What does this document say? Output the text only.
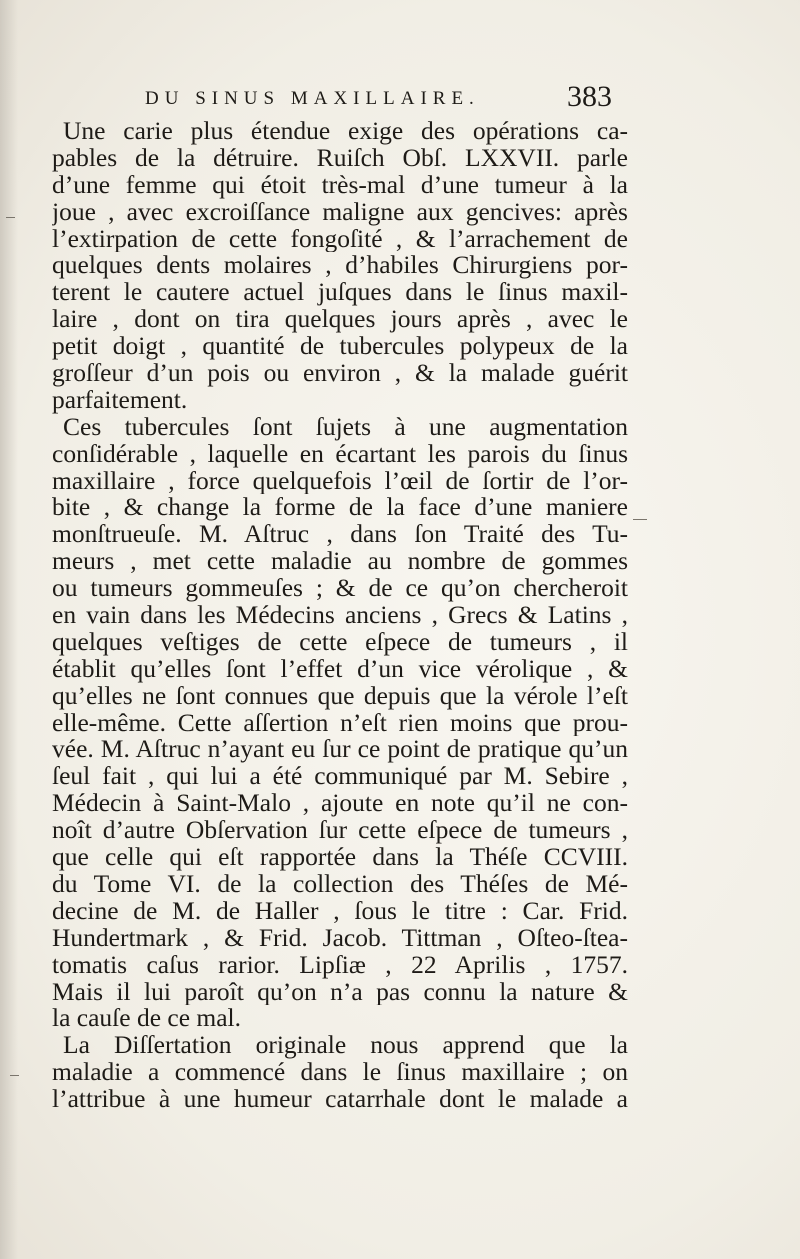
DU SINUS MAXILLAIRE.	383
Une carie plus étendue exige des opérations ca-
pables de la détruire. Ruiſch Obſ. LXXVII. parle
d’une femme qui étoit très-mal d’une tumeur à la
joue , avec excroiſſance maligne aux gencives: après
l’extirpation de cette fongoſité , & l’arrachement de
quelques dents molaires , d’habiles Chirurgiens por-
terent le cautere actuel juſques dans le ſinus maxil-
laire , dont on tira quelques jours après , avec le
petit doigt , quantité de tubercules polypeux de la
groſſeur d’un pois ou environ , & la malade guérit
parfaitement.
Ces tubercules ſont ſujets à une augmentation
conſidérable , laquelle en écartant les parois du ſinus
maxillaire , force quelquefois l’œil de ſortir de l’or-
bite , & change la forme de la face d’une maniere
monſtrueuſe. M. Aſtruc , dans ſon Traité des Tu-
meurs , met cette maladie au nombre de gommes
ou tumeurs gommeuſes ; & de ce qu’on chercheroit
en vain dans les Médecins anciens , Grecs & Latins ,
quelques veſtiges de cette eſpece de tumeurs , il
établit qu’elles ſont l’effet d’un vice vérolique , &
qu’elles ne ſont connues que depuis que la vérole l’eſt
elle-même. Cette aſſertion n’eſt rien moins que prou-
vée. M. Aſtruc n’ayant eu ſur ce point de pratique qu’un
ſeul fait , qui lui a été communiqué par M. Sebire ,
Médecin à Saint-Malo , ajoute en note qu’il ne con-
noît d’autre Obſervation ſur cette eſpece de tumeurs ,
que celle qui eſt rapportée dans la Théſe CCVIII.
du Tome VI. de la collection des Théſes de Mé-
decine de M. de Haller , ſous le titre : Car. Frid.
Hundertmark , & Frid. Jacob. Tittman , Oſteo-ſtea-
tomatis caſus rarior. Lipſiæ , 22 Aprilis , 1757.
Mais il lui paroît qu’on n’a pas connu la nature &
la cauſe de ce mal.
La Diſſertation originale nous apprend que la
maladie a commencé dans le ſinus maxillaire ; on
l’attribue à une humeur catarrhale dont le malade a
